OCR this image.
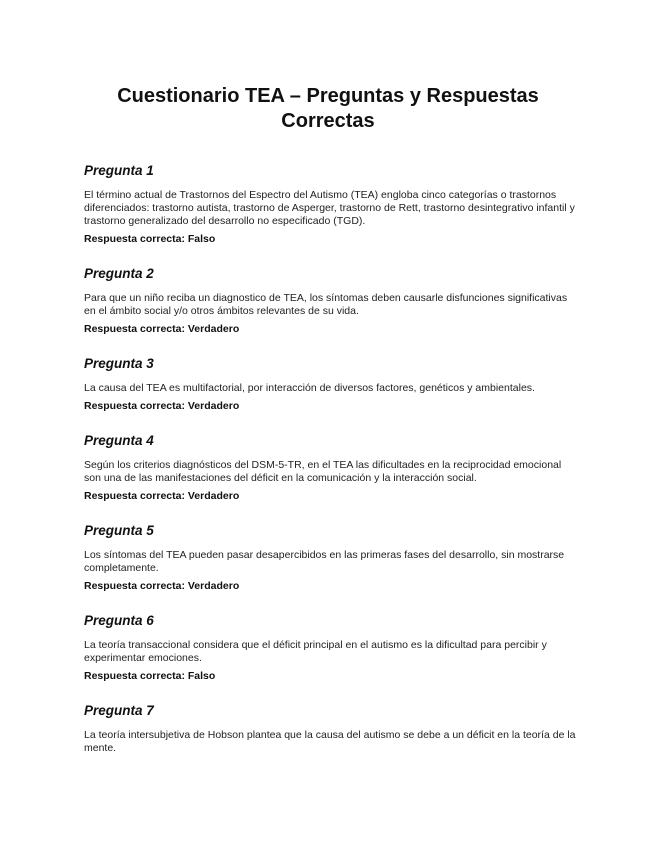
Cuestionario TEA – Preguntas y Respuestas Correctas

Pregunta 1

El término actual de Trastornos del Espectro del Autismo (TEA) engloba cinco categorías o trastornos diferenciados: trastorno autista, trastorno de Asperger, trastorno de Rett, trastorno desintegrativo infantil y trastorno generalizado del desarrollo no especificado (TGD).

Respuesta correcta: Falso

Pregunta 2

Para que un niño reciba un diagnostico de TEA, los síntomas deben causarle disfunciones significativas en el ámbito social y/o otros ámbitos relevantes de su vida.

Respuesta correcta: Verdadero

Pregunta 3

La causa del TEA es multifactorial, por interacción de diversos factores, genéticos y ambientales.

Respuesta correcta: Verdadero

Pregunta 4

Según los criterios diagnósticos del DSM-5-TR, en el TEA las dificultades en la reciprocidad emocional son una de las manifestaciones del déficit en la comunicación y la interacción social.

Respuesta correcta: Verdadero

Pregunta 5

Los síntomas del TEA pueden pasar desapercibidos en las primeras fases del desarrollo, sin mostrarse completamente.

Respuesta correcta: Verdadero

Pregunta 6

La teoría transaccional considera que el déficit principal en el autismo es la dificultad para percibir y experimentar emociones.

Respuesta correcta: Falso

Pregunta 7

La teoría intersubjetiva de Hobson plantea que la causa del autismo se debe a un déficit en la teoría de la mente.
